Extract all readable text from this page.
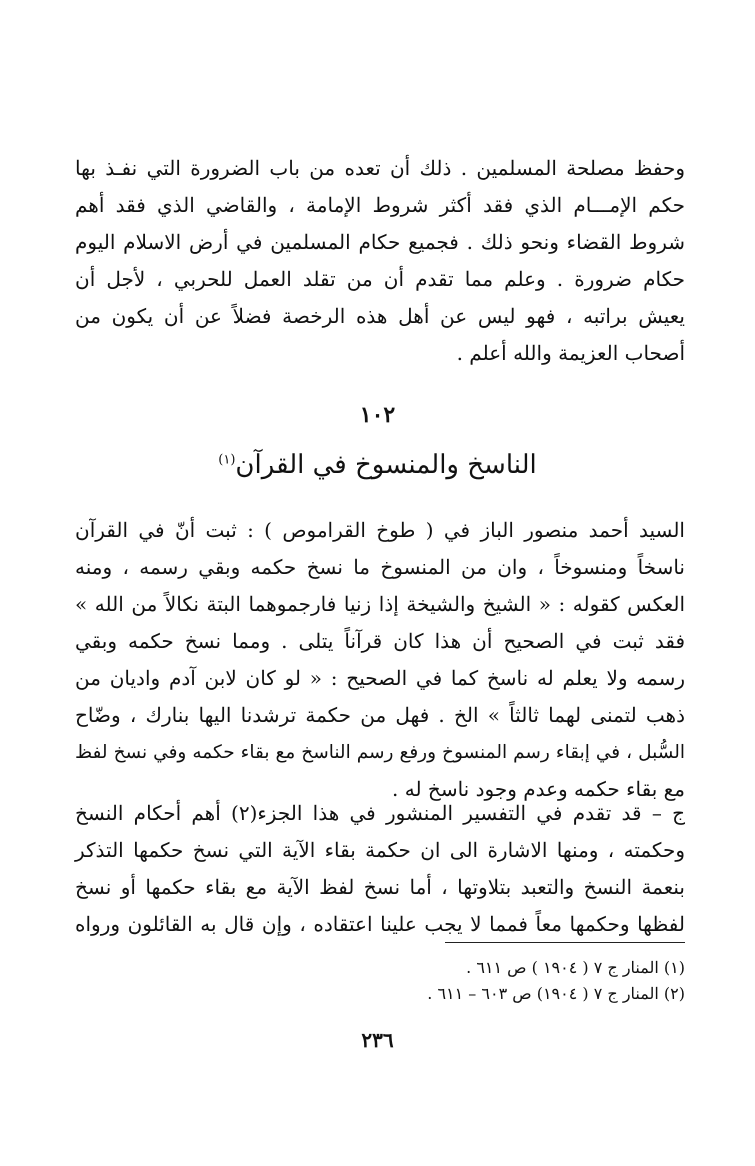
وحفظ مصلحة المسلمين . ذلك أن تعده من باب الضرورة التي نفـذ بها
حكم الإمـــام الذي فقد أكثر شروط الإمامة ، والقاضي الذي فقد أهم
شروط القضاء ونحو ذلك . فجميع حكام المسلمين في أرض الاسلام اليوم
حكام ضرورة . وعلم مما تقدم أن من تقلد العمل للحربي ، لأجل أن
يعيش براتبه ، فهو ليس عن أهل هذه الرخصة فضلاً عن أن يكون من
أصحاب العزيمة والله أعلم .
١٠٢
الناسخ والمنسوخ في القرآن$^{(١)}$
السيد أحمد منصور الباز في ( طوخ القراموص ) : ثبت أنّ في القرآن
ناسخاً ومنسوخاً ، وان من المنسوخ ما نسخ حكمه وبقي رسمه ، ومنه
العكس كقوله : « الشيخ والشيخة إذا زنيا فارجموهما البتة نكالاً من الله »
فقد ثبت في الصحيح أن هذا كان قرآناً يتلى . ومما نسخ حكمه وبقي
رسمه ولا يعلم له ناسخ كما في الصحيح : « لو كان لابن آدم واديان من
ذهب لتمنى لهما ثالثاً » الخ . فهل من حكمة ترشدنا اليها بنارك ، وضّاح
السُّبل ، في إبقاء رسم المنسوخ ورفع رسم الناسخ مع بقاء حكمه وفي نسخ لفظ
مع بقاء حكمه وعدم وجود ناسخ له .
ج – قد تقدم في التفسير المنشور في هذا الجزء(٢) أهم أحكام النسخ
وحكمته ، ومنها الاشارة الى ان حكمة بقاء الآية التي نسخ حكمها التذكر
بنعمة النسخ والتعبد بتلاوتها ، أما نسخ لفظ الآية مع بقاء حكمها أو نسخ
لفظها وحكمها معاً فمما لا يجب علينا اعتقاده ، وإن قال به القائلون ورواه
(١) المنار ج ٧ ( ١٩٠٤ ) ص ٦١١ .
(٢) المنار ج ٧ ( ١٩٠٤) ص ٦٠٣ – ٦١١ .
٢٣٦
